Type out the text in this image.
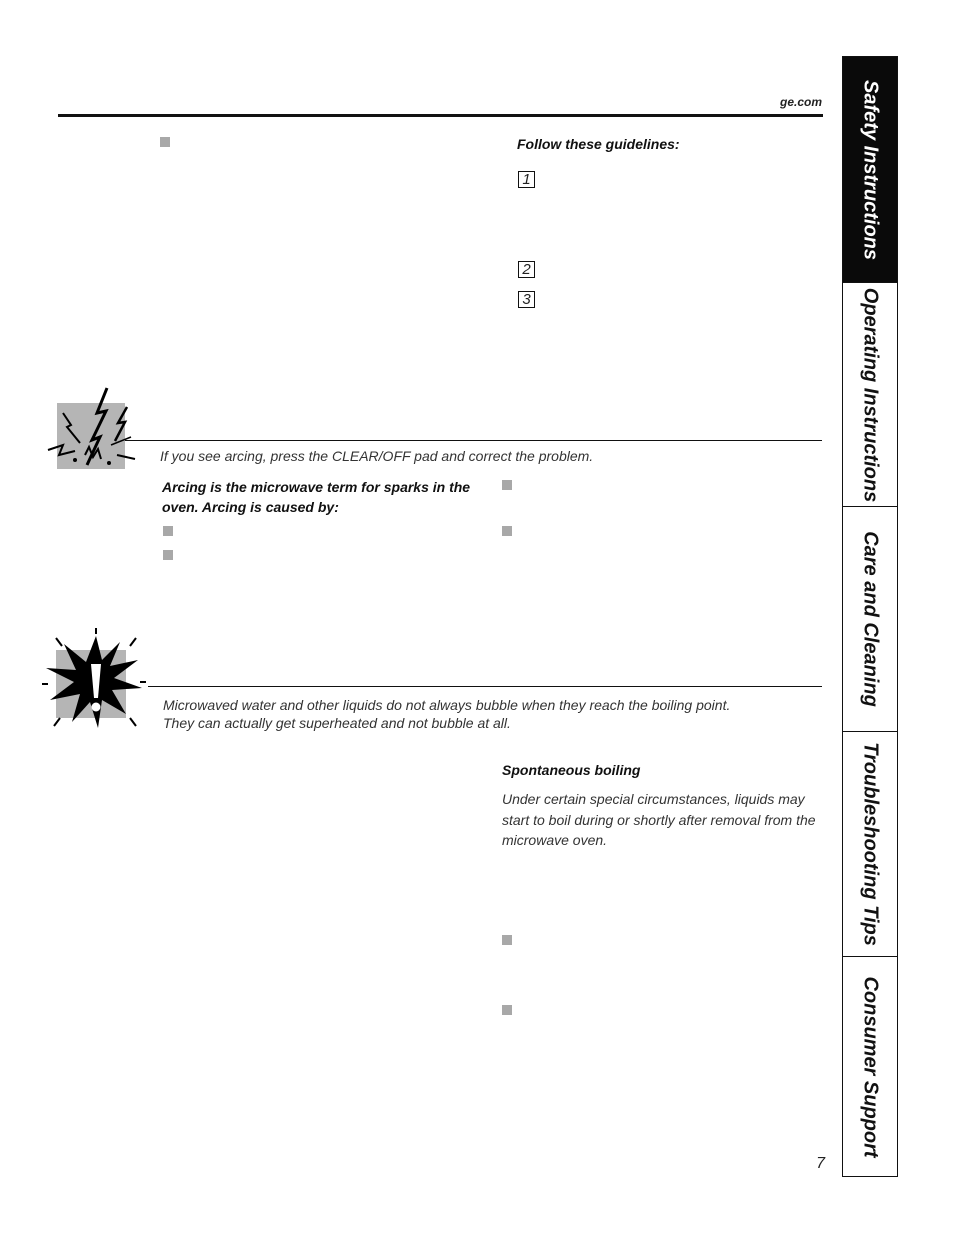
ge.com
Follow these guidelines:
1
2
3
If you see arcing, press the CLEAR/OFF pad and correct the problem.
Arcing is the microwave term for sparks in the oven. Arcing is caused by:
Microwaved water and other liquids do not always bubble when they reach the boiling point.
They can actually get superheated and not bubble at all.
Spontaneous boiling
Under certain special circumstances, liquids may start to boil during or shortly after removal from the microwave oven.
Safety Instructions
Operating Instructions
Care and Cleaning
Troubleshooting Tips
Consumer Support
7
